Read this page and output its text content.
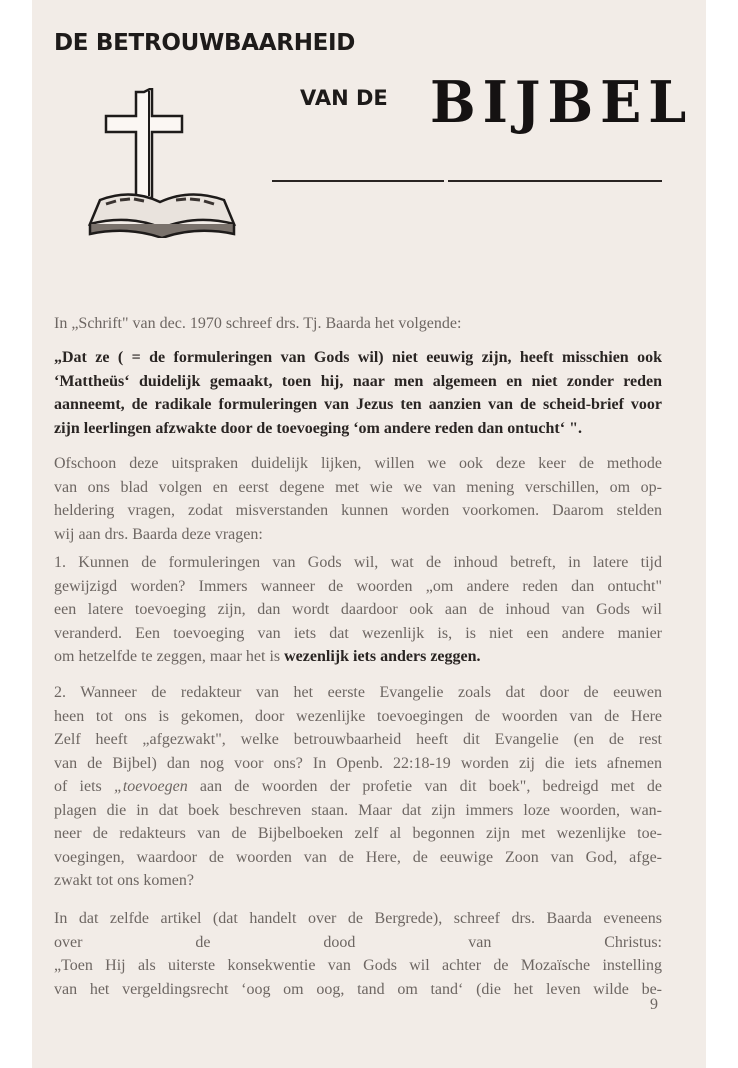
DE BETROUWBAARHEID
VAN DE BIJBEL
In „Schrift" van dec. 1970 schreef drs. Tj. Baarda het volgende:
„Dat ze ( = de formuleringen van Gods wil) niet eeuwig zijn, heeft misschien ook
‘Mattheüs‘ duidelijk gemaakt, toen hij, naar men algemeen en niet zonder reden
aanneemt, de radikale formuleringen van Jezus ten aanzien van de scheid-brief voor
zijn leerlingen afzwakte door de toevoeging ‘om andere reden dan ontucht‘ ".
Ofschoon deze uitspraken duidelijk lijken, willen we ook deze keer de methode
van ons blad volgen en eerst degene met wie we van mening verschillen, om op-
heldering vragen, zodat misverstanden kunnen worden voorkomen. Daarom stelden
wij aan drs. Baarda deze vragen:
1. Kunnen de formuleringen van Gods wil, wat de inhoud betreft, in latere tijd
gewijzigd worden? Immers wanneer de woorden „om andere reden dan ontucht"
een latere toevoeging zijn, dan wordt daardoor ook aan de inhoud van Gods wil
veranderd. Een toevoeging van iets dat wezenlijk is, is niet een andere manier
om hetzelfde te zeggen, maar het is wezenlijk iets anders zeggen.
2. Wanneer de redakteur van het eerste Evangelie zoals dat door de eeuwen
heen tot ons is gekomen, door wezenlijke toevoegingen de woorden van de Here
Zelf heeft „afgezwakt", welke betrouwbaarheid heeft dit Evangelie (en de rest
van de Bijbel) dan nog voor ons? In Openb. 22:18-19 worden zij die iets afnemen
of iets „toevoegen aan de woorden der profetie van dit boek", bedreigd met de
plagen die in dat boek beschreven staan. Maar dat zijn immers loze woorden, wan-
neer de redakteurs van de Bijbelboeken zelf al begonnen zijn met wezenlijke toe-
voegingen, waardoor de woorden van de Here, de eeuwige Zoon van God, afge-
zwakt tot ons komen?
In dat zelfde artikel (dat handelt over de Bergrede), schreef drs. Baarda eveneens
over de dood van Christus:
„Toen Hij als uiterste konsekwentie van Gods wil achter de Mozaïsche instelling
van het vergeldingsrecht ‘oog om oog, tand om tand‘ (die het leven wilde be-
9
